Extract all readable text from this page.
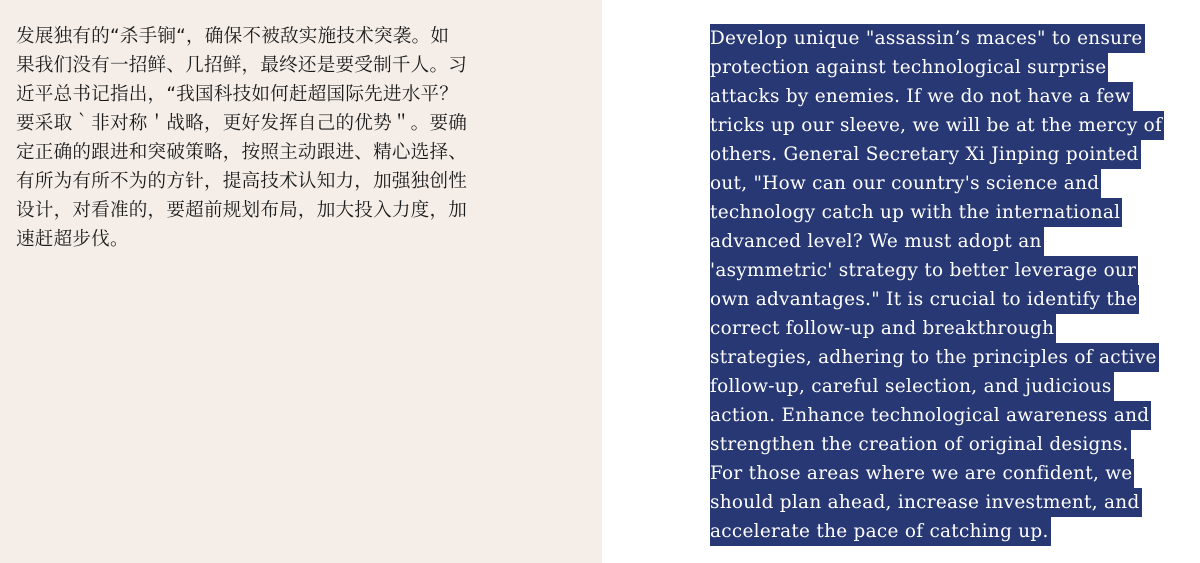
发展独有的“杀手锏“，确保不被敌实施技术突袭。如
果我们没有一招鲜、几招鲜，最终还是要受制千人。习
近平总书记指出，“我国科技如何赶超国际先进水平？
要采取｀非对称＇战略，更好发挥自己的优势＂。要确
定正确的跟进和突破策略，按照主动跟进、精心选择、
有所为有所不为的方针，提高技术认知力，加强独创性
设计，对看准的，要超前规划布局，加大投入力度，加
速赶超步伐。
Develop unique "assassin’s maces" to ensure
protection against technological surprise
attacks by enemies. If we do not have a few
tricks up our sleeve, we will be at the mercy of
others. General Secretary Xi Jinping pointed
out, "How can our country's science and
technology catch up with the international
advanced level? We must adopt an
'asymmetric' strategy to better leverage our
own advantages." It is crucial to identify the
correct follow-up and breakthrough
strategies, adhering to the principles of active
follow-up, careful selection, and judicious
action. Enhance technological awareness and
strengthen the creation of original designs.
For those areas where we are confident, we
should plan ahead, increase investment, and
accelerate the pace of catching up.
